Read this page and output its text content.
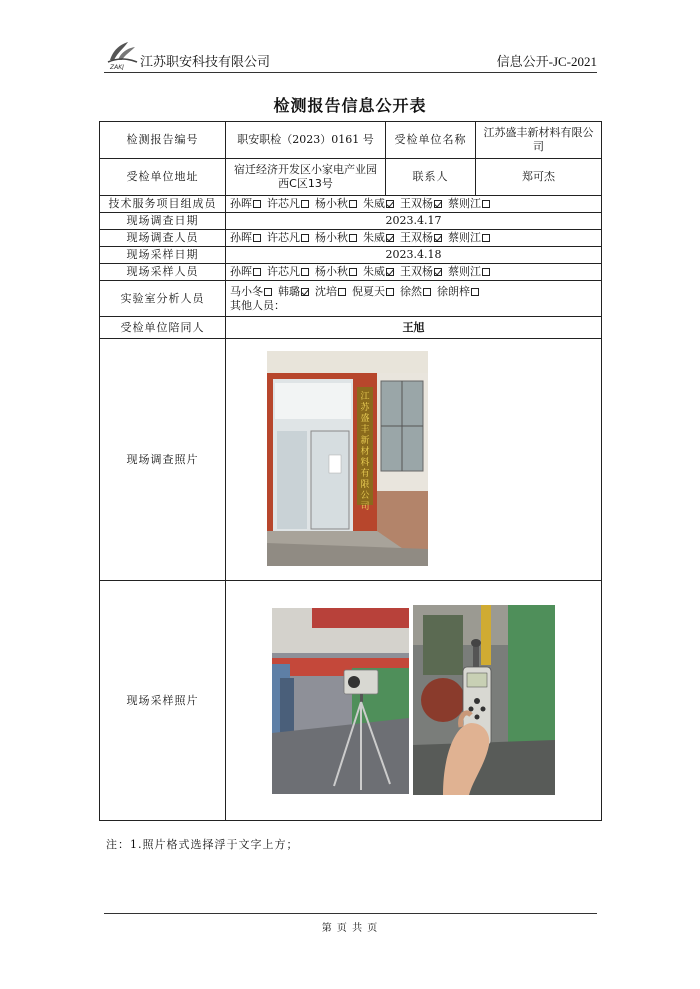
ZAKJ 江苏职安科技有限公司	信息公开-JC-2021
检测报告信息公开表
检测报告编号	职安职检（2023）0161 号	受检单位名称	江苏盛丰新材料有限公司
受检单位地址	宿迁经济开发区小家电产业园西C区13号	联系人	郑可杰
技术服务项目组成员	孙晖 许芯凡 杨小秋 朱威 王双杨 蔡则江		
现场调查日期	2023.4.17		
现场调查人员	孙晖 许芯凡 杨小秋 朱威 王双杨 蔡则江		
现场采样日期	2023.4.18		
现场采样人员	孙晖 许芯凡 杨小秋 朱威 王双杨 蔡则江		
实验室分析人员	马小冬 韩璐 沈培 倪夏天 徐然 徐朗梓
其他人员：		

受检单位陪同人	王旭		
现场调查照片	江苏盛丰新材料有限公司		

现场采样照片	
注：1.照片格式选择浮于文字上方；
第 页 共 页
